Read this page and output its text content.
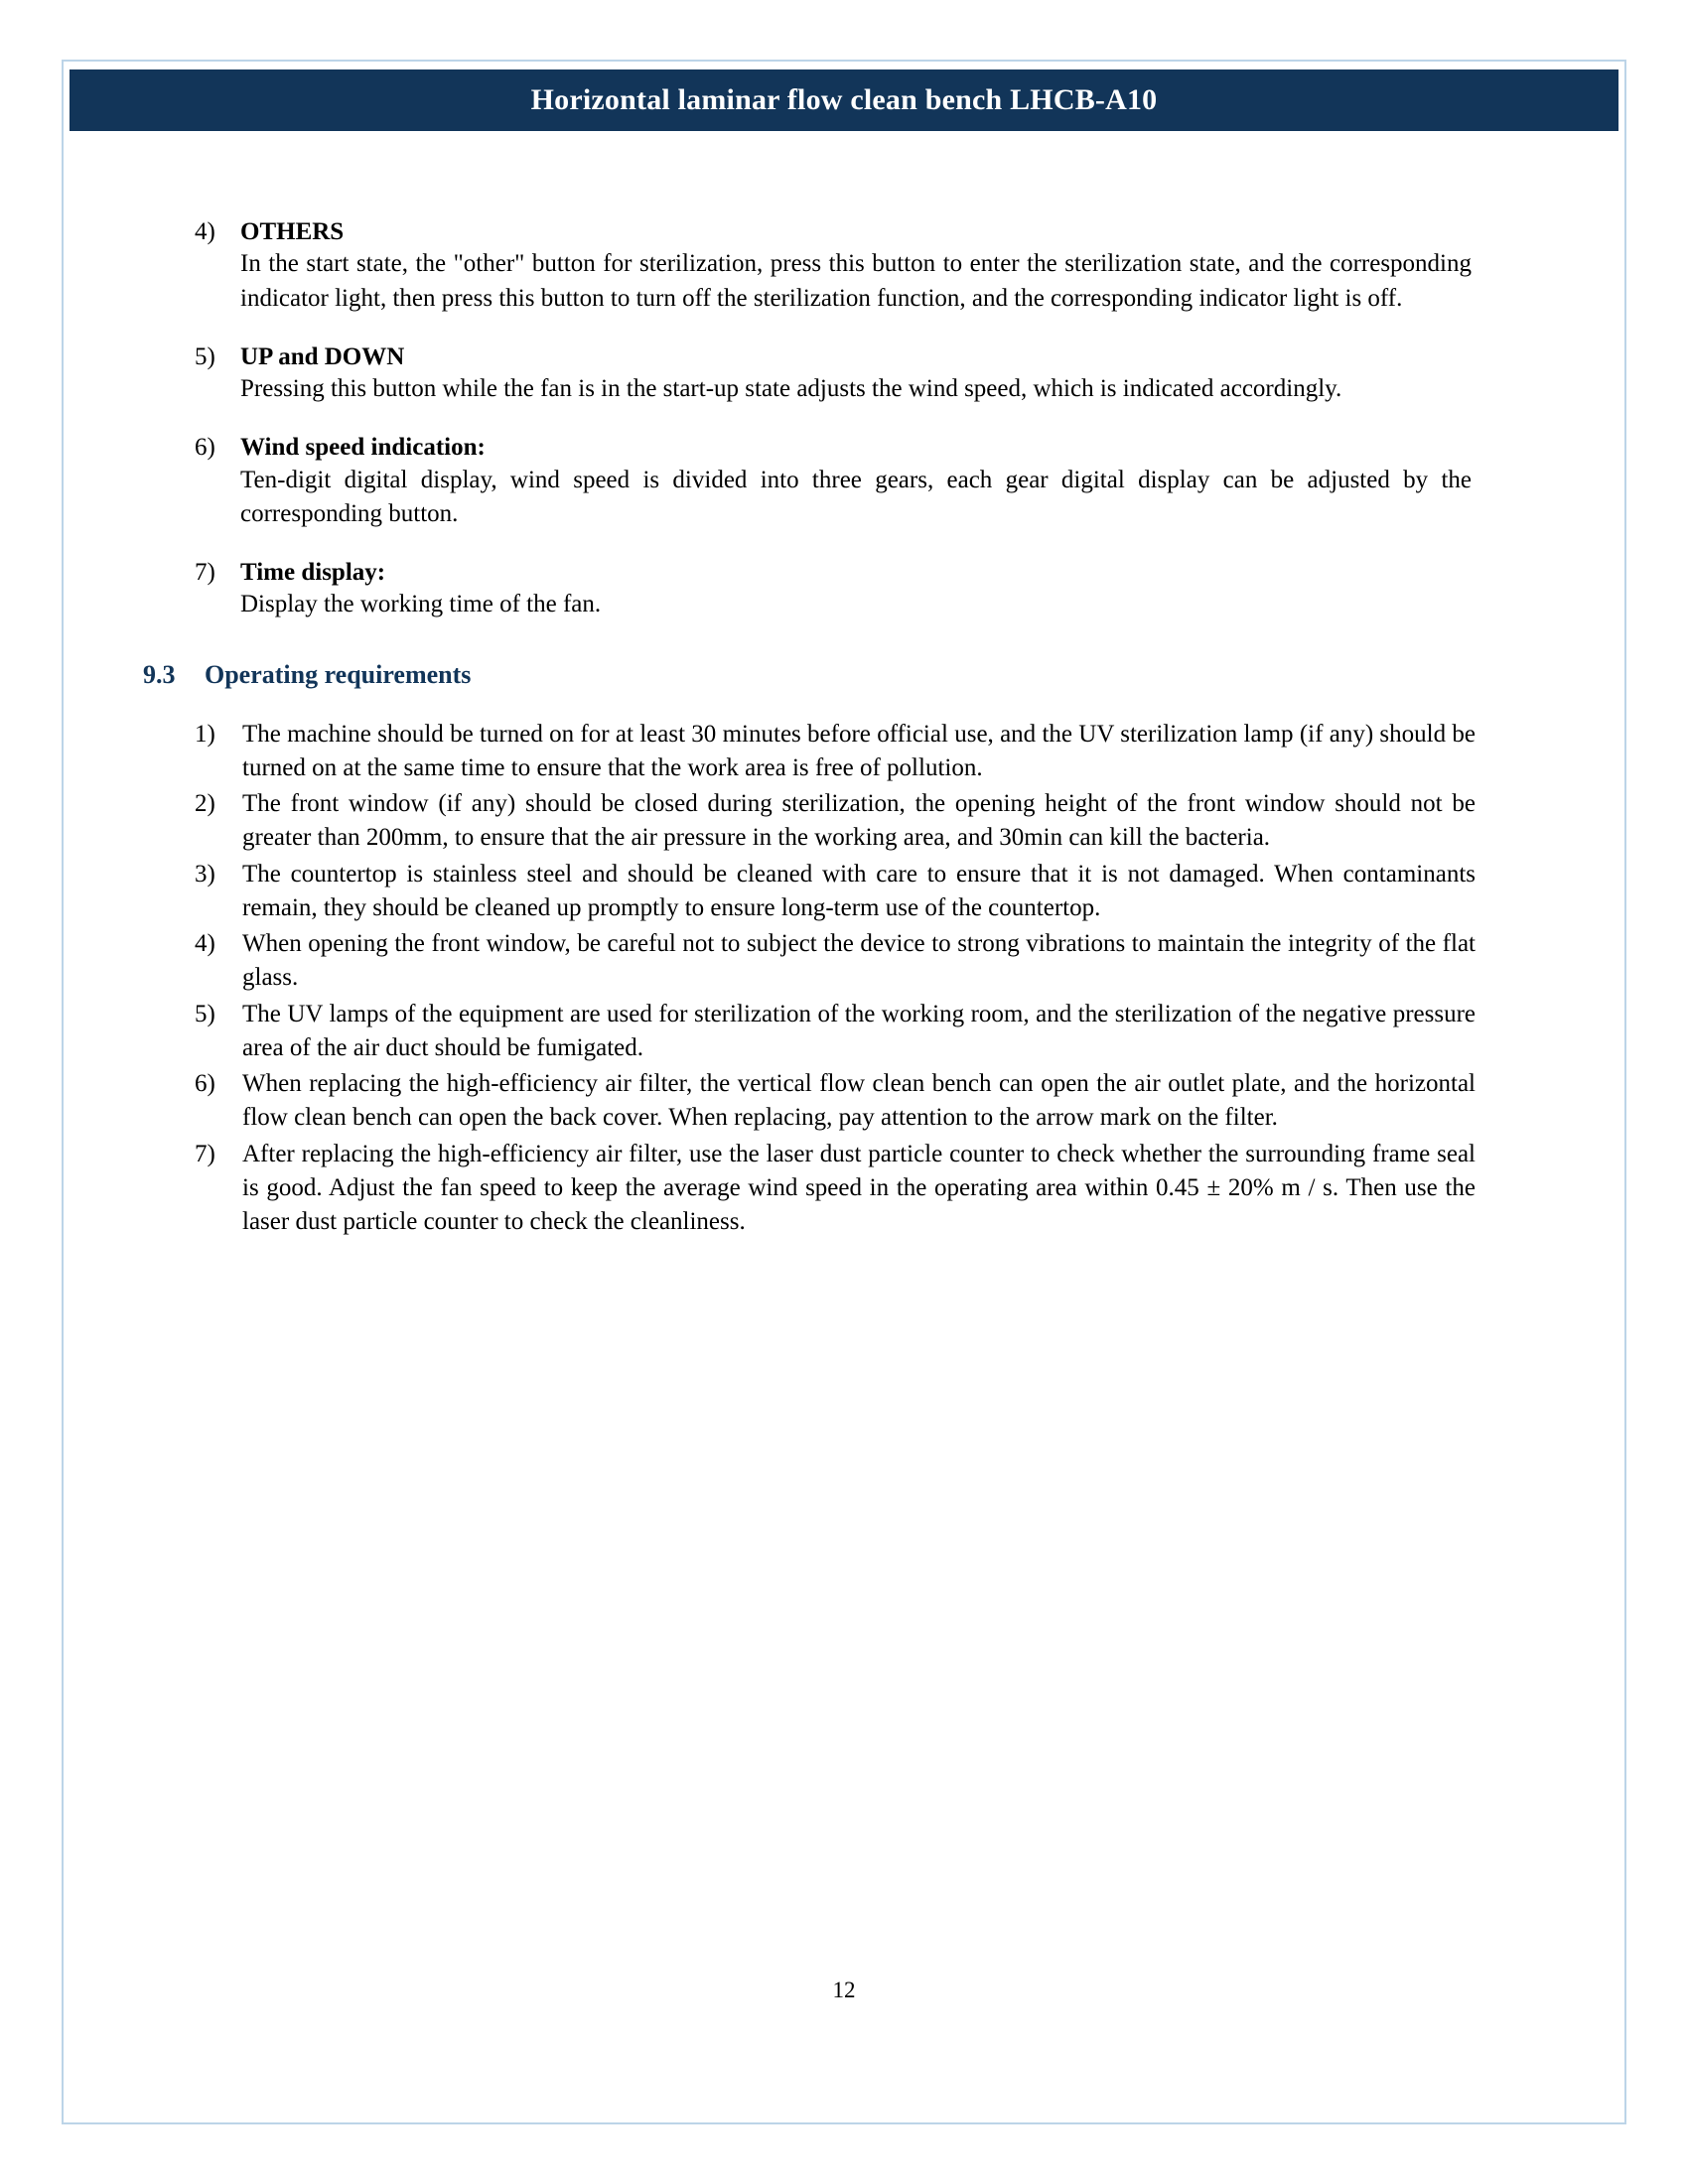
Horizontal laminar flow clean bench LHCB-A10
4)	OTHERS
In the start state, the "other" button for sterilization, press this button to enter the sterilization state, and the corresponding indicator light, then press this button to turn off the sterilization function, and the corresponding indicator light is off.
5)	UP and DOWN
Pressing this button while the fan is in the start-up state adjusts the wind speed, which is indicated accordingly.
6)	Wind speed indication:
Ten-digit digital display, wind speed is divided into three gears, each gear digital display can be adjusted by the corresponding button.
7)	Time display:
Display the working time of the fan.
9.3	Operating requirements
1)	The machine should be turned on for at least 30 minutes before official use, and the UV sterilization lamp (if any) should be turned on at the same time to ensure that the work area is free of pollution.
2)	The front window (if any) should be closed during sterilization, the opening height of the front window should not be greater than 200mm, to ensure that the air pressure in the working area, and 30min can kill the bacteria.
3)	The countertop is stainless steel and should be cleaned with care to ensure that it is not damaged. When contaminants remain, they should be cleaned up promptly to ensure long-term use of the countertop.
4)	When opening the front window, be careful not to subject the device to strong vibrations to maintain the integrity of the flat glass.
5)	The UV lamps of the equipment are used for sterilization of the working room, and the sterilization of the negative pressure area of the air duct should be fumigated.
6)	When replacing the high-efficiency air filter, the vertical flow clean bench can open the air outlet plate, and the horizontal flow clean bench can open the back cover. When replacing, pay attention to the arrow mark on the filter.
7)	After replacing the high-efficiency air filter, use the laser dust particle counter to check whether the surrounding frame seal is good. Adjust the fan speed to keep the average wind speed in the operating area within 0.45 ± 20% m / s. Then use the laser dust particle counter to check the cleanliness.
12
